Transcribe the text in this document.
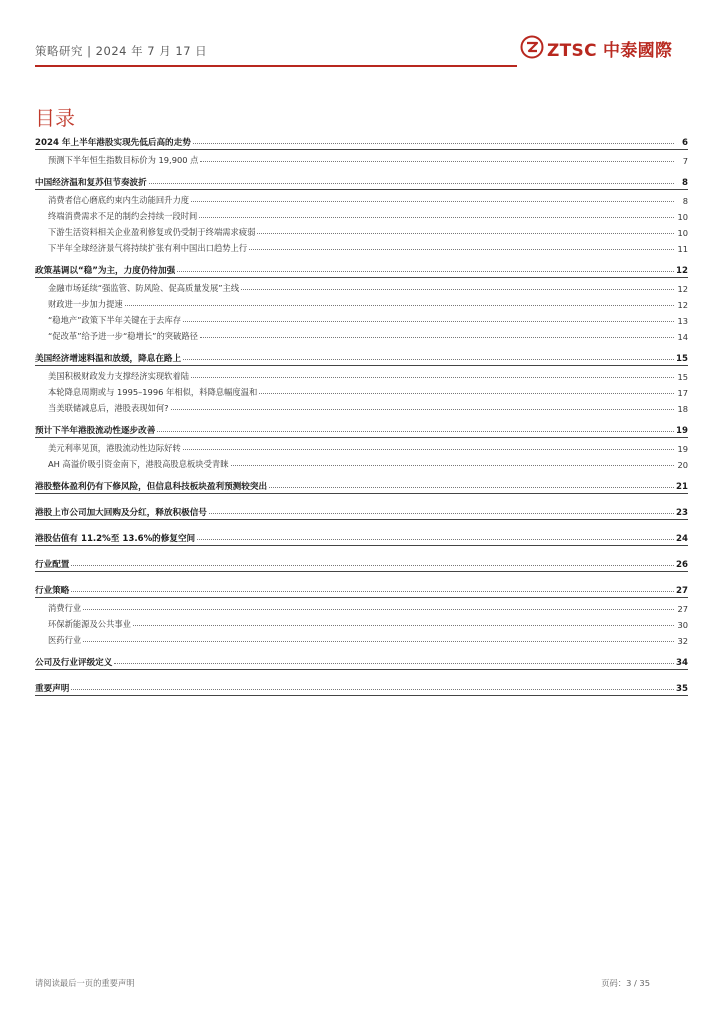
策略研究 | 2024 年 7 月 17 日	ZTSC 中泰國際
目录
2024 年上半年港股实现先低后高的走势	6
预测下半年恒生指数目标价为 19,900 点	7
中国经济温和复苏但节奏波折	8
消费者信心磨底约束内生动能回升力度	8
终端消费需求不足的制约会持续一段时间	10
下游生活资料相关企业盈利修复或仍受制于终端需求疲弱	10
下半年全球经济景气将持续扩张有利中国出口趋势上行	11
政策基调以“稳”为主，力度仍待加强	12
金融市场延续“强监管、防风险、促高质量发展”主线	12
财政进一步加力提速	12
“稳地产”政策下半年关键在于去库存	13
“促改革”给予进一步“稳增长”的突破路径	14
美国经济增速料温和放缓，降息在路上	15
美国积极财政发力支撑经济实现软着陆	15
本轮降息周期或与 1995–1996 年相似，料降息幅度温和	17
当美联储减息后，港股表现如何?	18
预计下半年港股流动性逐步改善	19
美元利率见顶，港股流动性边际好转	19
AH 高溢价吸引资金南下，港股高股息板块受青睐	20
港股整体盈利仍有下修风险，但信息科技板块盈利预测较突出	21
港股上市公司加大回购及分红，释放积极信号	23
港股估值有 11.2%至 13.6%的修复空间	24
行业配置	26
行业策略	27
消费行业	27
环保新能源及公共事业	30
医药行业	32
公司及行业评级定义	34
重要声明	35
请阅读最后一页的重要声明	页码：3 / 35
